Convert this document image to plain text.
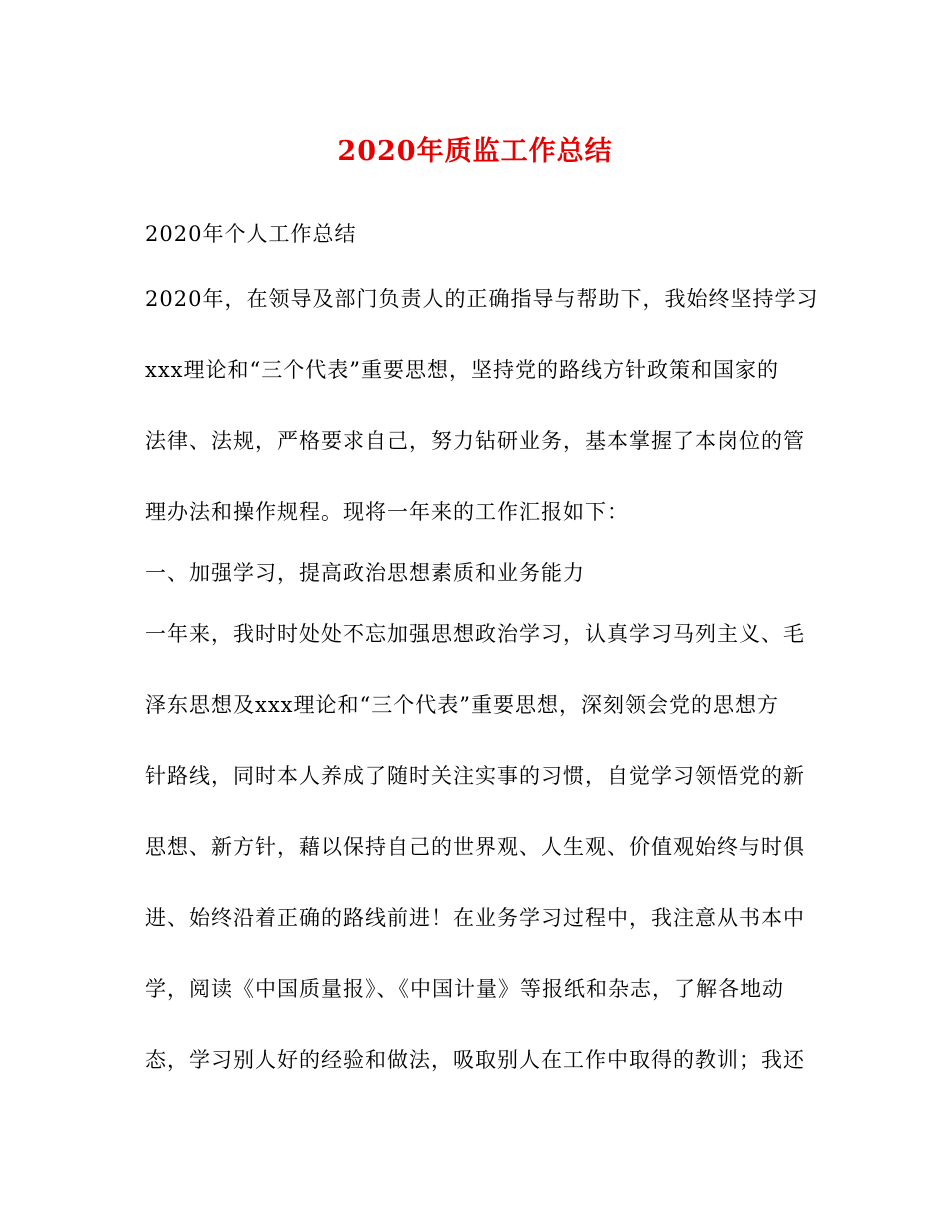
2020年质监工作总结
2020年个人工作总结
2020年，在领导及部门负责人的正确指导与帮助下，我始终坚持学习
xxx理论和“三个代表”重要思想，坚持党的路线方针政策和国家的
法律、法规，严格要求自己，努力钻研业务，基本掌握了本岗位的管
理办法和操作规程。现将一年来的工作汇报如下：
一、加强学习，提高政治思想素质和业务能力
一年来，我时时处处不忘加强思想政治学习，认真学习马列主义、毛
泽东思想及xxx理论和“三个代表”重要思想，深刻领会党的思想方
针路线，同时本人养成了随时关注实事的习惯，自觉学习领悟党的新
思想、新方针，藉以保持自己的世界观、人生观、价值观始终与时俱
进、始终沿着正确的路线前进！在业务学习过程中，我注意从书本中
学，阅读《中国质量报》、《中国计量》等报纸和杂志，了解各地动
态，学习别人好的经验和做法，吸取别人在工作中取得的教训；我还
